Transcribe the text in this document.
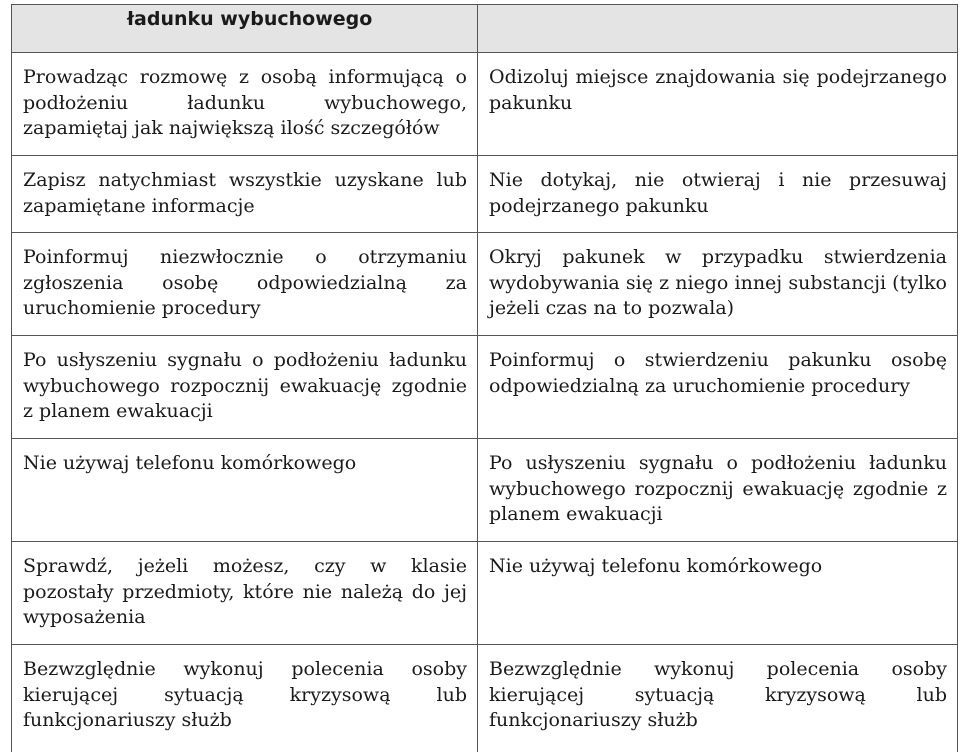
ładunku wybuchowego	

Prowadząc rozmowę z osobą informującą o podłożeniu ładunku wybuchowego, zapamiętaj jak największą ilość szczegółów	Odizoluj miejsce znajdowania się podejrzanego pakunku
Zapisz natychmiast wszystkie uzyskane lub zapamiętane informacje	Nie dotykaj, nie otwieraj i nie przesuwaj podejrzanego pakunku
Poinformuj niezwłocznie o otrzymaniu zgłoszenia osobę odpowiedzialną za uruchomienie procedury	Okryj pakunek w przypadku stwierdzenia wydobywania się z niego innej substancji (tylko jeżeli czas na to pozwala)
Po usłyszeniu sygnału o podłożeniu ładunku wybuchowego rozpocznij ewakuację zgodnie z planem ewakuacji	Poinformuj o stwierdzeniu pakunku osobę odpowiedzialną za uruchomienie procedury
Nie używaj telefonu komórkowego	Po usłyszeniu sygnału o podłożeniu ładunku wybuchowego rozpocznij ewakuację zgodnie z planem ewakuacji
Sprawdź, jeżeli możesz, czy w klasie pozostały przedmioty, które nie należą do jej wyposażenia	Nie używaj telefonu komórkowego
Bezwzględnie wykonuj polecenia osoby kierującej sytuacją kryzysową lub funkcjonariuszy służb	Bezwzględnie wykonuj polecenia osoby kierującej sytuacją kryzysową lub funkcjonariuszy służb
